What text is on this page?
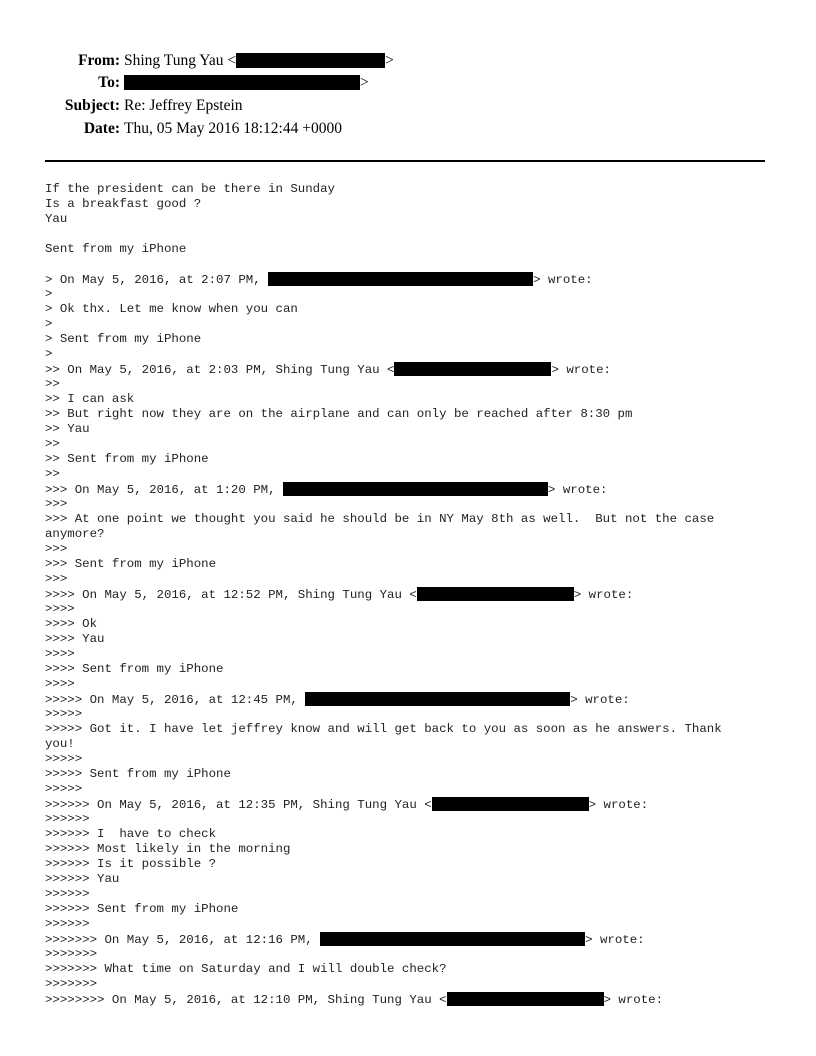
From: Shing Tung Yau <	>
To:	>
Subject: Re: Jeffrey Epstein
Date: Thu, 05 May 2016 18:12:44 +0000
If the president can be there in Sunday
Is a breakfast good ?
Yau
Sent from my iPhone
> On May 5, 2016, at 2:07 PM,	> wrote:
>
> Ok thx. Let me know when you can
>
> Sent from my iPhone
>
>> On May 5, 2016, at 2:03 PM, Shing Tung Yau <	> wrote:
>>
>> I can ask
>> But right now they are on the airplane and can only be reached after 8:30 pm
>> Yau
>>
>> Sent from my iPhone
>>
>>> On May 5, 2016, at 1:20 PM,	> wrote:
>>>
>>> At one point we thought you said he should be in NY May 8th as well.  But not the case
anymore?
>>>
>>> Sent from my iPhone
>>>
>>>> On May 5, 2016, at 12:52 PM, Shing Tung Yau <	> wrote:
>>>>
>>>> Ok
>>>> Yau
>>>>
>>>> Sent from my iPhone
>>>>
>>>>> On May 5, 2016, at 12:45 PM,	> wrote:
>>>>>
>>>>> Got it. I have let jeffrey know and will get back to you as soon as he answers. Thank
you!
>>>>>
>>>>> Sent from my iPhone
>>>>>
>>>>>> On May 5, 2016, at 12:35 PM, Shing Tung Yau <	> wrote:
>>>>>>
>>>>>> I  have to check
>>>>>> Most likely in the morning
>>>>>> Is it possible ?
>>>>>> Yau
>>>>>>
>>>>>> Sent from my iPhone
>>>>>>
>>>>>>> On May 5, 2016, at 12:16 PM,	> wrote:
>>>>>>>
>>>>>>> What time on Saturday and I will double check?
>>>>>>>
>>>>>>>> On May 5, 2016, at 12:10 PM, Shing Tung Yau <	> wrote:
